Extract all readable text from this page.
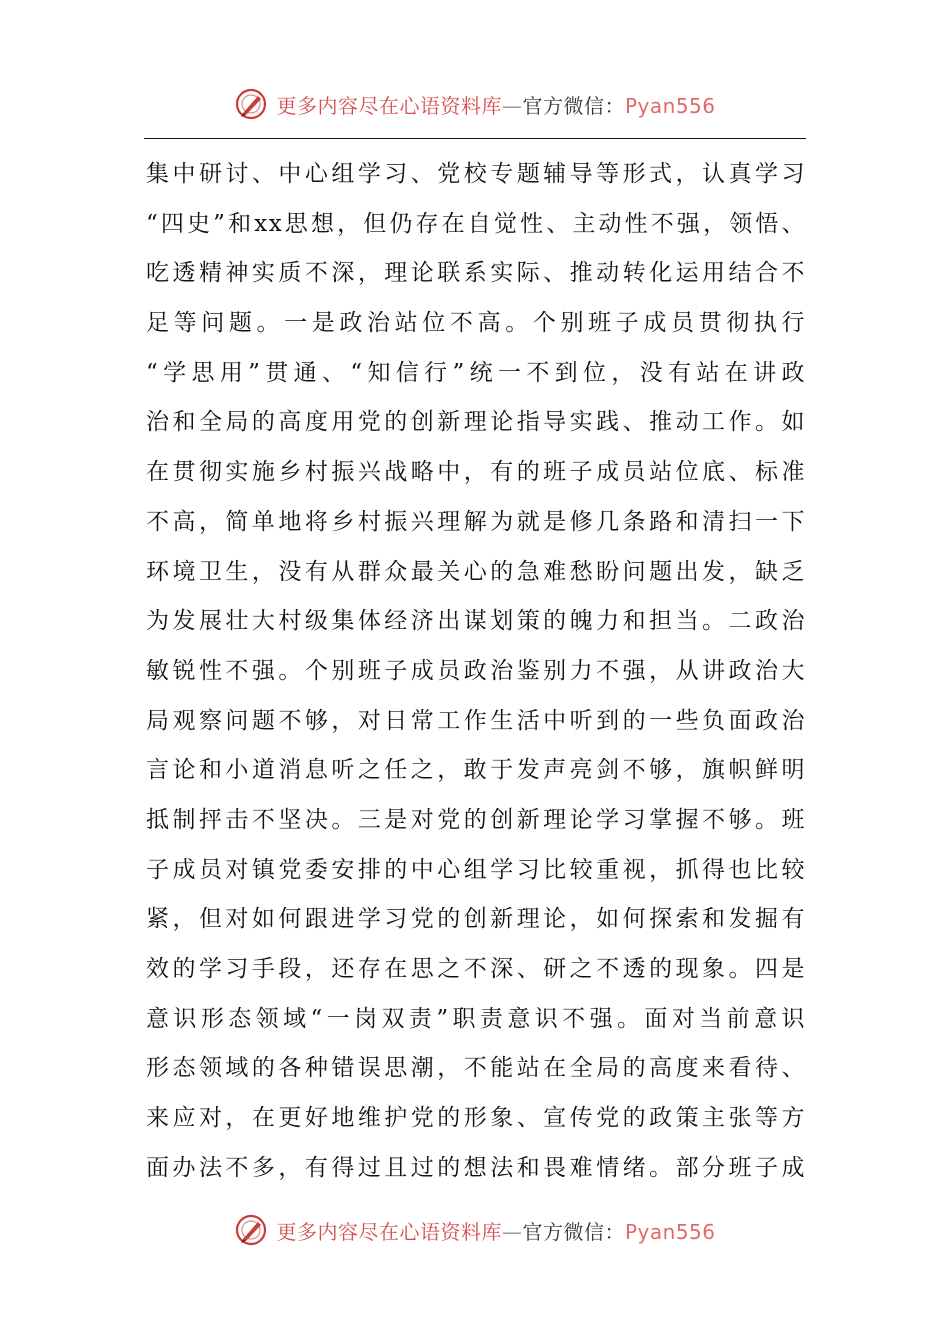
更多内容尽在心语资料库—官方微信：Pyan556
集中研讨、中心组学习、党校专题辅导等形式，认真学习
“四史”和xx思想，但仍存在自觉性、主动性不强，领悟、
吃透精神实质不深，理论联系实际、推动转化运用结合不
足等问题。一是政治站位不高。个别班子成员贯彻执行
“学思用”贯通、“知信行”统一不到位，没有站在讲政
治和全局的高度用党的创新理论指导实践、推动工作。如
在贯彻实施乡村振兴战略中，有的班子成员站位底、标准
不高，简单地将乡村振兴理解为就是修几条路和清扫一下
环境卫生，没有从群众最关心的急难愁盼问题出发，缺乏
为发展壮大村级集体经济出谋划策的魄力和担当。二政治
敏锐性不强。个别班子成员政治鉴别力不强，从讲政治大
局观察问题不够，对日常工作生活中听到的一些负面政治
言论和小道消息听之任之，敢于发声亮剑不够，旗帜鲜明
抵制抨击不坚决。三是对党的创新理论学习掌握不够。班
子成员对镇党委安排的中心组学习比较重视，抓得也比较
紧，但对如何跟进学习党的创新理论，如何探索和发掘有
效的学习手段，还存在思之不深、研之不透的现象。四是
意识形态领域“一岗双责”职责意识不强。面对当前意识
形态领域的各种错误思潮，不能站在全局的高度来看待、
来应对，在更好地维护党的形象、宣传党的政策主张等方
面办法不多，有得过且过的想法和畏难情绪。部分班子成
更多内容尽在心语资料库—官方微信：Pyan556
